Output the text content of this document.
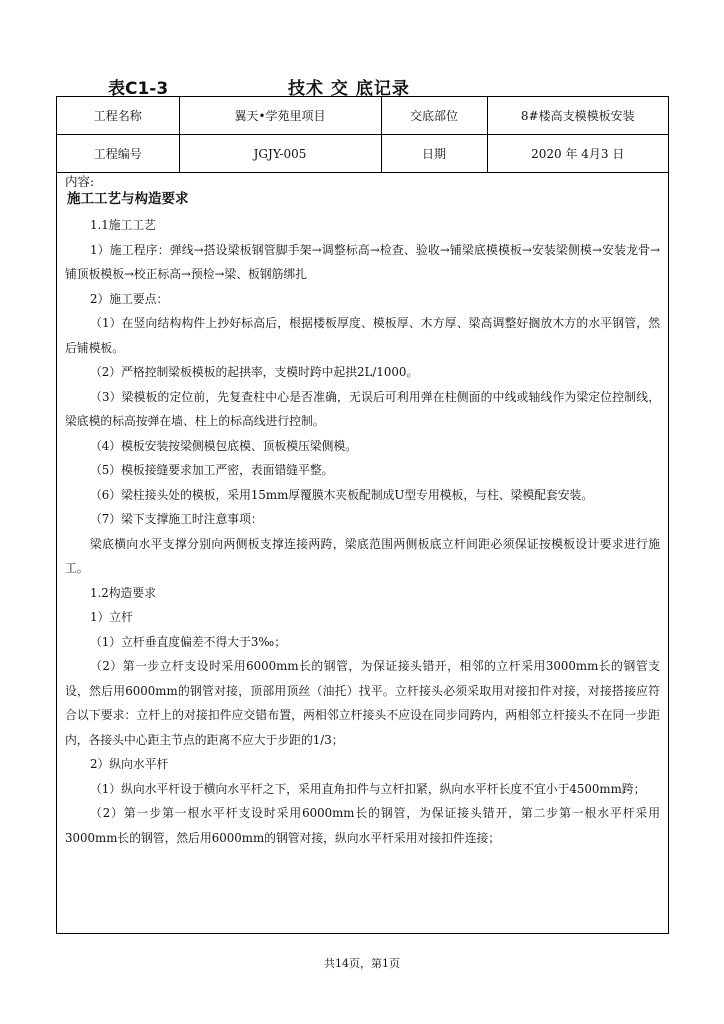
表C1-3	技术 交 底记录
工程名称	翼天•学苑里项目	交底部位	8#楼高支模模板安装
工程编号	JGJY-005	日期	2020 年 4月3 日
内容:
施工工艺与构造要求

1.1施工工艺

1）施工程序：弹线→搭设梁板钢管脚手架→调整标高→检查、验收→铺梁底模模板→安装梁侧模→安装龙骨→铺顶板模板→校正标高→预检→梁、板钢筋绑扎

2）施工要点：

（1）在竖向结构构件上抄好标高后，根据楼板厚度、模板厚、木方厚、梁高调整好搁放木方的水平钢管，然后铺模板。

（2）严格控制梁板模板的起拱率，支模时跨中起拱2L/1000。

（3）梁模板的定位前，先复查柱中心是否准确，无误后可利用弹在柱侧面的中线或轴线作为梁定位控制线，梁底模的标高按弹在墙、柱上的标高线进行控制。

（4）模板安装按梁侧模包底模、顶板模压梁侧模。

（5）模板接缝要求加工严密，表面错缝平整。

（6）梁柱接头处的模板，采用15mm厚覆膜木夹板配制成U型专用模板，与柱、梁模配套安装。

（7）梁下支撑施工时注意事项：

梁底横向水平支撑分别向两侧板支撑连接两跨，梁底范围两侧板底立杆间距必须保证按模板设计要求进行施工。

1.2构造要求

1）立杆

（1）立杆垂直度偏差不得大于3‰；

（2）第一步立杆支设时采用6000mm长的钢管，为保证接头错开，相邻的立杆采用3000mm长的钢管支设，然后用6000mm的钢管对接，顶部用顶丝（油托）找平。立杆接头必须采取用对接扣件对接，对接搭接应符合以下要求：立杆上的对接扣件应交错布置，两相邻立杆接头不应设在同步同跨内，两相邻立杆接头不在同一步距内，各接头中心距主节点的距离不应大于步距的1/3；

2）纵向水平杆

（1）纵向水平杆设于横向水平杆之下，采用直角扣件与立杆扣紧，纵向水平杆长度不宜小于4500mm跨；

（2）第一步第一根水平杆支设时采用6000mm长的钢管，为保证接头错开，第二步第一根水平杆采用3000mm长的钢管，然后用6000mm的钢管对接，纵向水平杆采用对接扣件连接；

共14页，第1页
